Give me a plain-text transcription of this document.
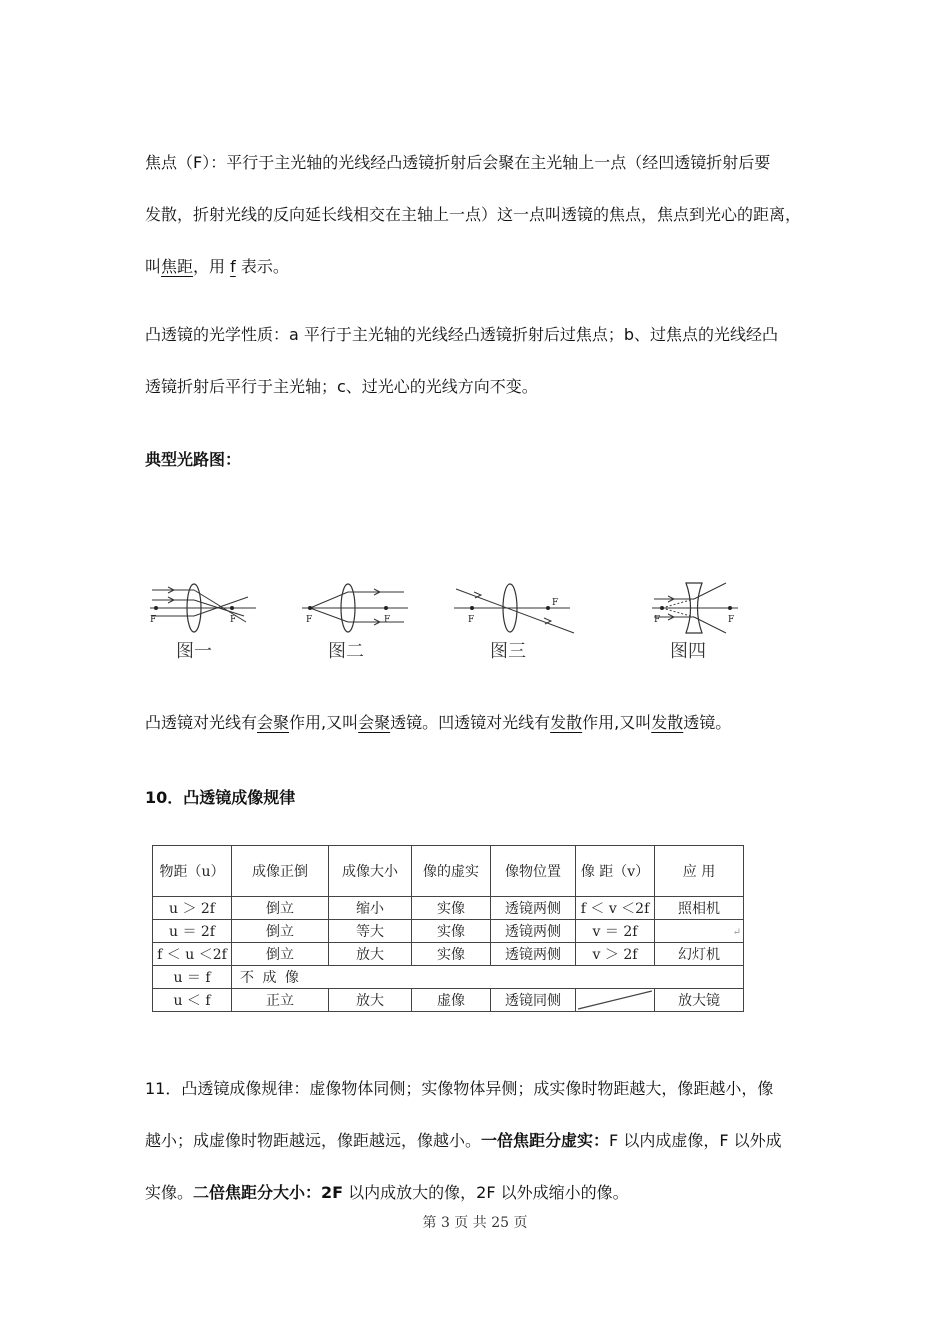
焦点（F）：平行于主光轴的光线经凸透镜折射后会聚在主光轴上一点（经凹透镜折射后要
发散，折射光线的反向延长线相交在主轴上一点）这一点叫透镜的焦点，焦点到光心的距离，
叫焦距，用 f 表示。
凸透镜的光学性质：a 平行于主光轴的光线经凸透镜折射后过焦点；b、过焦点的光线经凸
透镜折射后平行于主光轴；c、过光心的光线方向不变。
典型光路图：
F	F
图一
F	F
图二
F
F
图三
F	F
图四
凸透镜对光线有会聚作用,又叫会聚透镜。凹透镜对光线有发散作用,又叫发散透镜。
10．凸透镜成像规律
物距（u）	成像正倒	成像大小	像的虚实	像物位置	像 距（v）	应 用
u ＞ 2f	倒立	缩小	实像	透镜两侧	f ＜ v ＜2f	照相机
u ＝ 2f	倒立	等大	实像	透镜两侧	v ＝ 2f	↵
f ＜ u ＜2f	倒立	放大	实像	透镜两侧	v ＞ 2f	幻灯机
u ＝ f	不 成 像					
u ＜ f	正立	放大	虚像	透镜同侧		放大镜
11．凸透镜成像规律：虚像物体同侧；实像物体异侧；成实像时物距越大，像距越小，像
越小；成虚像时物距越远，像距越远，像越小。一倍焦距分虚实：F 以内成虚像，F 以外成
实像。二倍焦距分大小：2F 以内成放大的像，2F 以外成缩小的像。
第 3 页 共 25 页
